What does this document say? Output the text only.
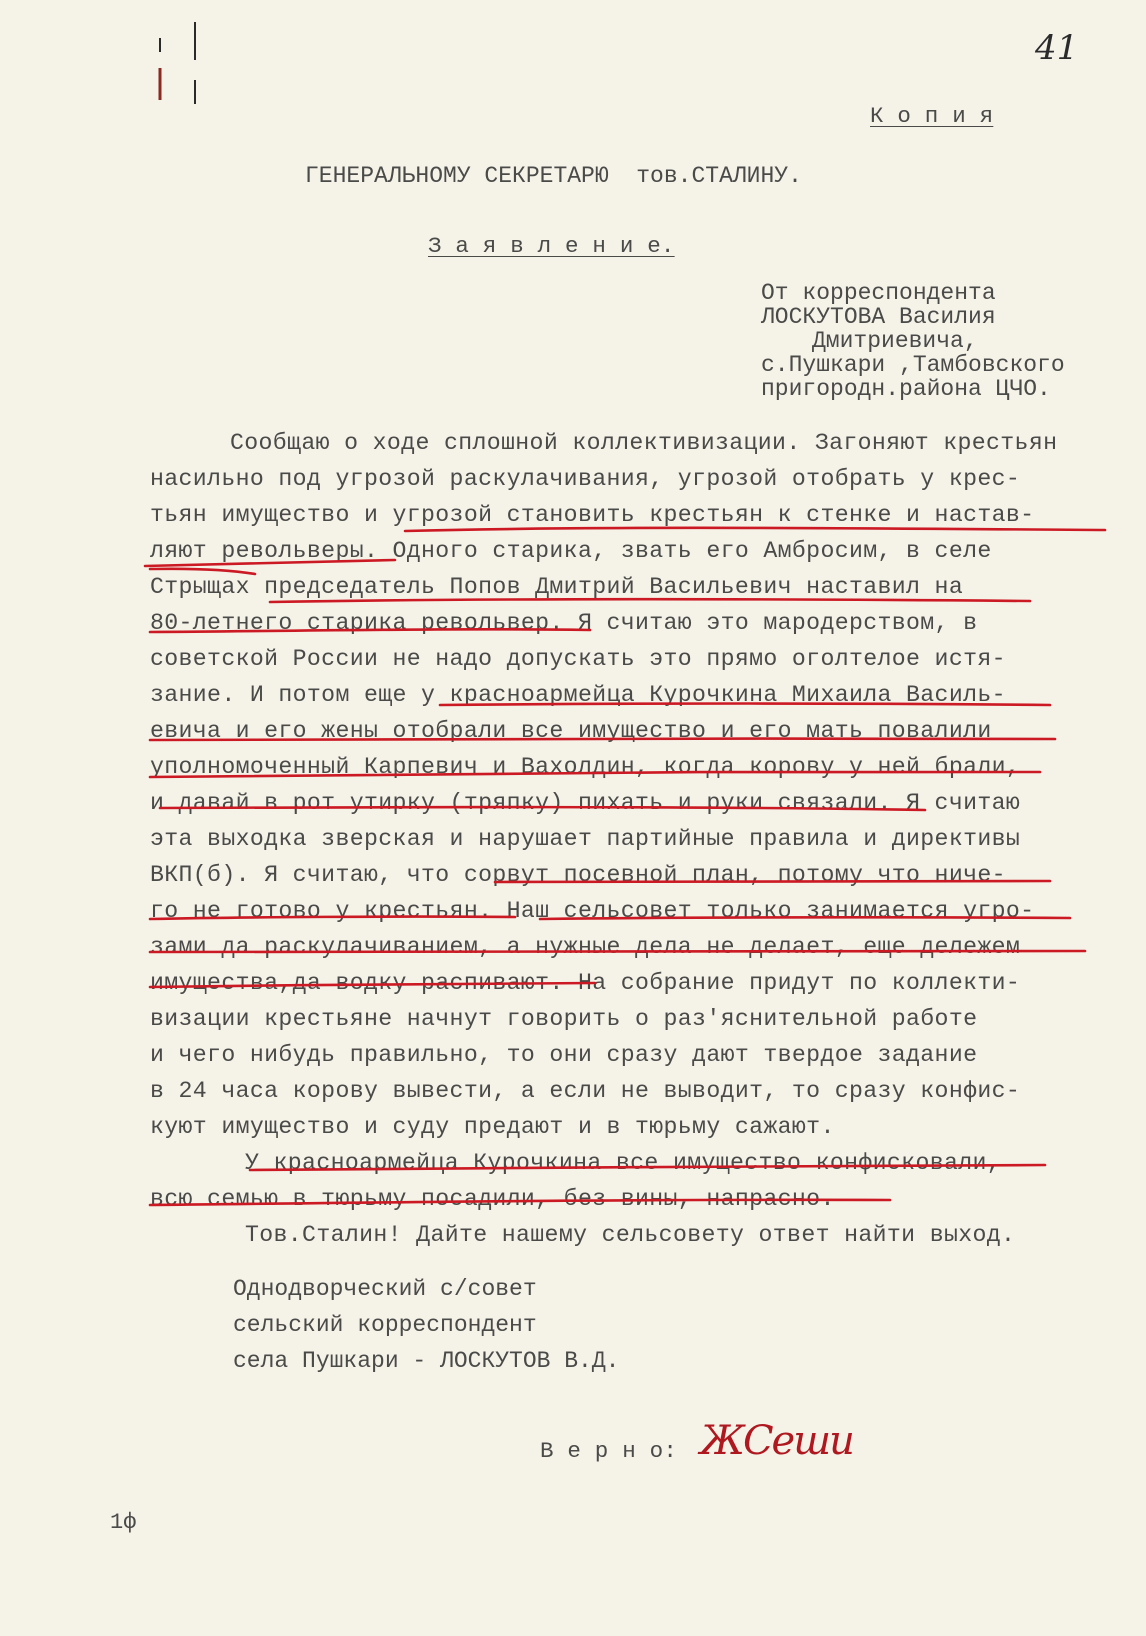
41
К о п и я
ГЕНЕРАЛЬНОМУ СЕКРЕТАРЮ  тов.СТАЛИНУ.
З а я в л е н и е.
От корреспондента
ЛОСКУТОВА Василия
Дмитриевича,
с.Пушкари ,Тамбовского
пригородн.района ЦЧО.
Сообщаю о ходе сплошной коллективизации. Загоняют крестьян
насильно под угрозой раскулачивания, угрозой отобрать у крес-
тьян имущество и угрозой становить крестьян к стенке и настав-
ляют револьверы. Одного старика, звать его Амбросим, в селе
Стрыщах председатель Попов Дмитрий Васильевич наставил на
80-летнего старика револьвер. Я считаю это мародерством, в
советской России не надо допускать это прямо оголтелое истя-
зание. И потом еще у красноармейца Курочкина Михаила Василь-
евича и его жены отобрали все имущество и его мать повалили
уполномоченный Карпевич и Вахолдин, когда корову у ней брали,
и давай в рот утирку (тряпку) пихать и руки связали. Я считаю
эта выходка зверская и нарушает партийные правила и директивы
ВКП(б). Я считаю, что сорвут посевной план, потому что ниче-
го не готово у крестьян. Наш сельсовет только занимается угро-
зами да раскулачиванием, а нужные дела не делает, еще дележем
имущества,да водку распивают. На собрание придут по коллекти-
визации крестьяне начнут говорить о раз'яснительной работе
и чего нибудь правильно, то они сразу дают твердое задание
в 24 часа корову вывести, а если не выводит, то сразу конфис-
куют имущество и суду предают и в тюрьму сажают.
У красноармейца Курочкина все имущество конфисковали,
всю семью в тюрьму посадили, без вины, напрасно.
Тов.Сталин! Дайте нашему сельсовету ответ найти выход.
Однодворческий с/совет
сельский корреспондент
села Пушкари - ЛОСКУТОВ В.Д.
В е р н о: ЖСеши
1ф
